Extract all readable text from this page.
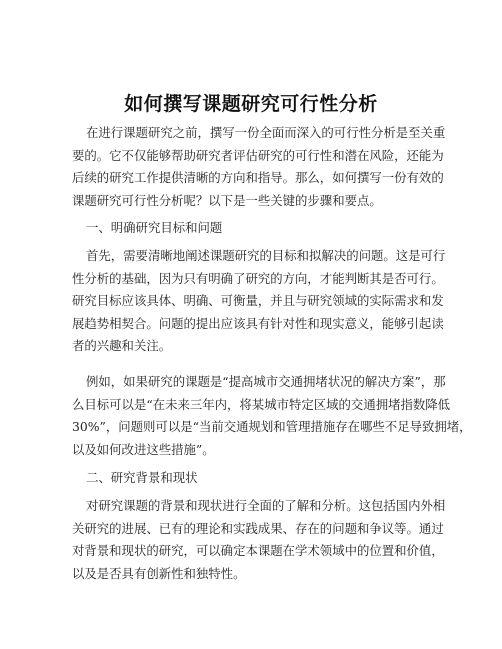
如何撰写课题研究可行性分析

在进行课题研究之前，撰写一份全面而深入的可行性分析是至关重
要的。它不仅能够帮助研究者评估研究的可行性和潜在风险，还能为
后续的研究工作提供清晰的方向和指导。那么，如何撰写一份有效的
课题研究可行性分析呢？以下是一些关键的步骤和要点。

一、明确研究目标和问题

首先，需要清晰地阐述课题研究的目标和拟解决的问题。这是可行
性分析的基础，因为只有明确了研究的方向，才能判断其是否可行。
研究目标应该具体、明确、可衡量，并且与研究领域的实际需求和发
展趋势相契合。问题的提出应该具有针对性和现实意义，能够引起读
者的兴趣和关注。

例如，如果研究的课题是“提高城市交通拥堵状况的解决方案”，那
么目标可以是“在未来三年内，将某城市特定区域的交通拥堵指数降低
30%”，问题则可以是“当前交通规划和管理措施存在哪些不足导致拥堵，
以及如何改进这些措施”。

二、研究背景和现状

对研究课题的背景和现状进行全面的了解和分析。这包括国内外相
关研究的进展、已有的理论和实践成果、存在的问题和争议等。通过
对背景和现状的研究，可以确定本课题在学术领域中的位置和价值，
以及是否具有创新性和独特性。
